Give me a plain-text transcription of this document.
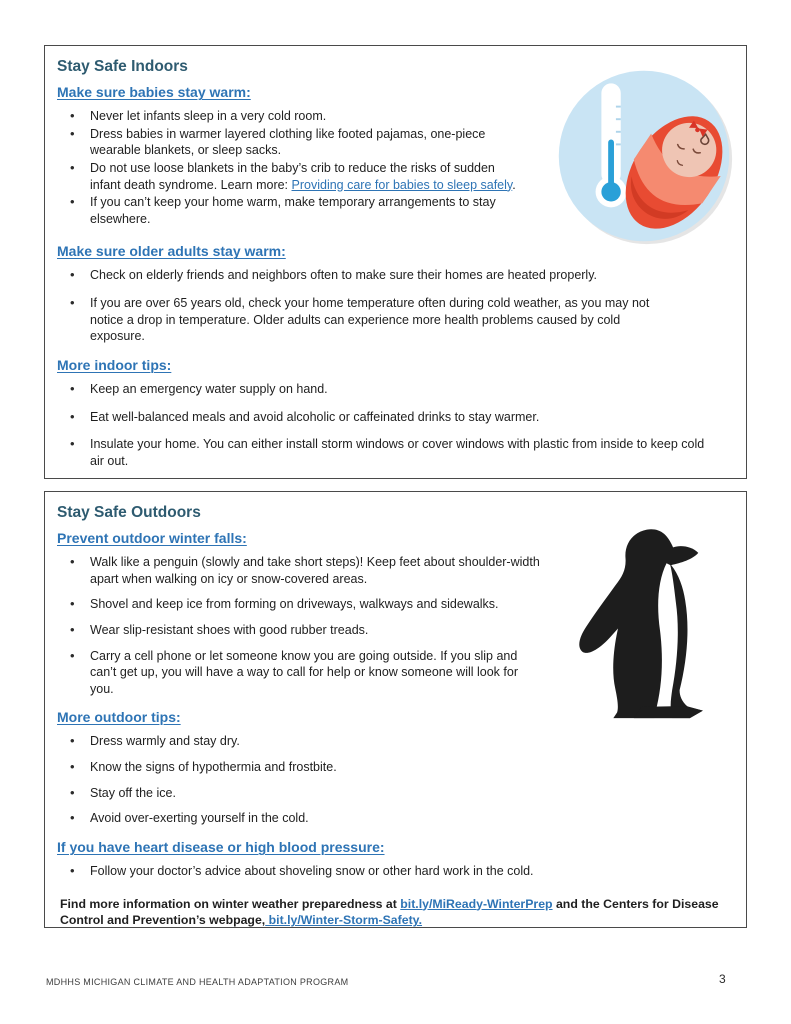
Stay Safe Indoors
Make sure babies stay warm:
• Never let infants sleep in a very cold room.
• Dress babies in warmer layered clothing like footed pajamas, one-piece wearable blankets, or sleep sacks.
• Do not use loose blankets in the baby’s crib to reduce the risks of sudden infant death syndrome. Learn more: Providing care for babies to sleep safely.
• If you can’t keep your home warm, make temporary arrangements to stay elsewhere.
Make sure older adults stay warm:
• Check on elderly friends and neighbors often to make sure their homes are heated properly.
• If you are over 65 years old, check your home temperature often during cold weather, as you may not notice a drop in temperature. Older adults can experience more health problems caused by cold exposure.
More indoor tips:
• Keep an emergency water supply on hand.
• Eat well-balanced meals and avoid alcoholic or caffeinated drinks to stay warmer.
• Insulate your home. You can either install storm windows or cover windows with plastic from inside to keep cold air out.
Stay Safe Outdoors
Prevent outdoor winter falls:
• Walk like a penguin (slowly and take short steps)! Keep feet about shoulder-width apart when walking on icy or snow-covered areas.
• Shovel and keep ice from forming on driveways, walkways and sidewalks.
• Wear slip-resistant shoes with good rubber treads.
• Carry a cell phone or let someone know you are going outside. If you slip and can’t get up, you will have a way to call for help or know someone will look for you.
More outdoor tips:
• Dress warmly and stay dry.
• Know the signs of hypothermia and frostbite.
• Stay off the ice.
• Avoid over-exerting yourself in the cold.
If you have heart disease or high blood pressure:
• Follow your doctor’s advice about shoveling snow or other hard work in the cold.

Find more information on winter weather preparedness at bit.ly/MiReady-WinterPrep and the Centers for Disease Control and Prevention’s webpage, bit.ly/Winter-Storm-Safety.

MDHHS MICHIGAN CLIMATE AND HEALTH ADAPTATION PROGRAM	3
